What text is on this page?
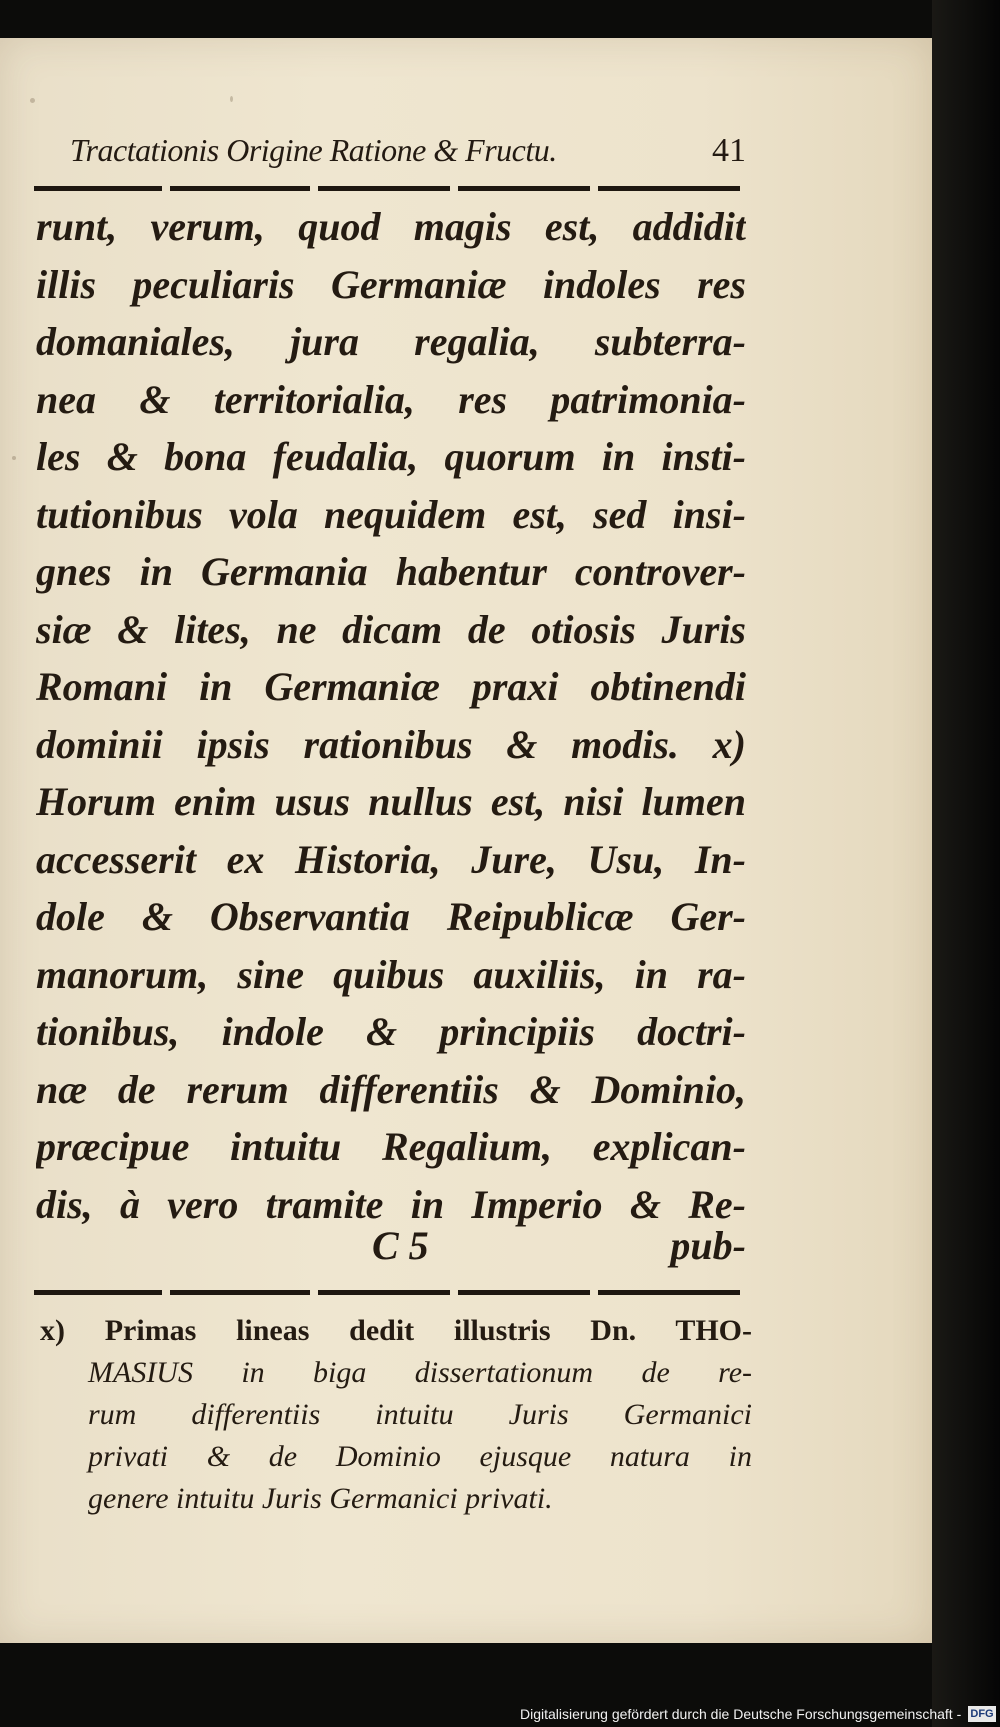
Tractationis Origine Ratione & Fructu.	41
runt, verum, quod magis est, addidit
illis peculiaris Germaniæ indoles res
domaniales, jura regalia, subterra-
nea & territorialia, res patrimonia-
les & bona feudalia, quorum in insti-
tutionibus vola nequidem est, sed insi-
gnes in Germania habentur controver-
siæ & lites, ne dicam de otiosis Juris
Romani in Germaniæ praxi obtinendi
dominii ipsis rationibus & modis. x)
Horum enim usus nullus est, nisi lumen
accesserit ex Historia, Jure, Usu, In-
dole & Observantia Reipublicæ Ger-
manorum, sine quibus auxiliis, in ra-
tionibus, indole & principiis doctri-
næ de rerum differentiis & Dominio,
præcipue intuitu Regalium, explican-
dis, à vero tramite in Imperio & Re-
C 5	pub-
x) Primas lineas dedit illustris Dn. THO-
MASIUS in biga dissertationum de re-
rum differentiis intuitu Juris Germanici
privati & de Dominio ejusque natura in
genere intuitu Juris Germanici privati.
Digitalisierung gefördert durch die Deutsche Forschungsgemeinschaft - DFG
